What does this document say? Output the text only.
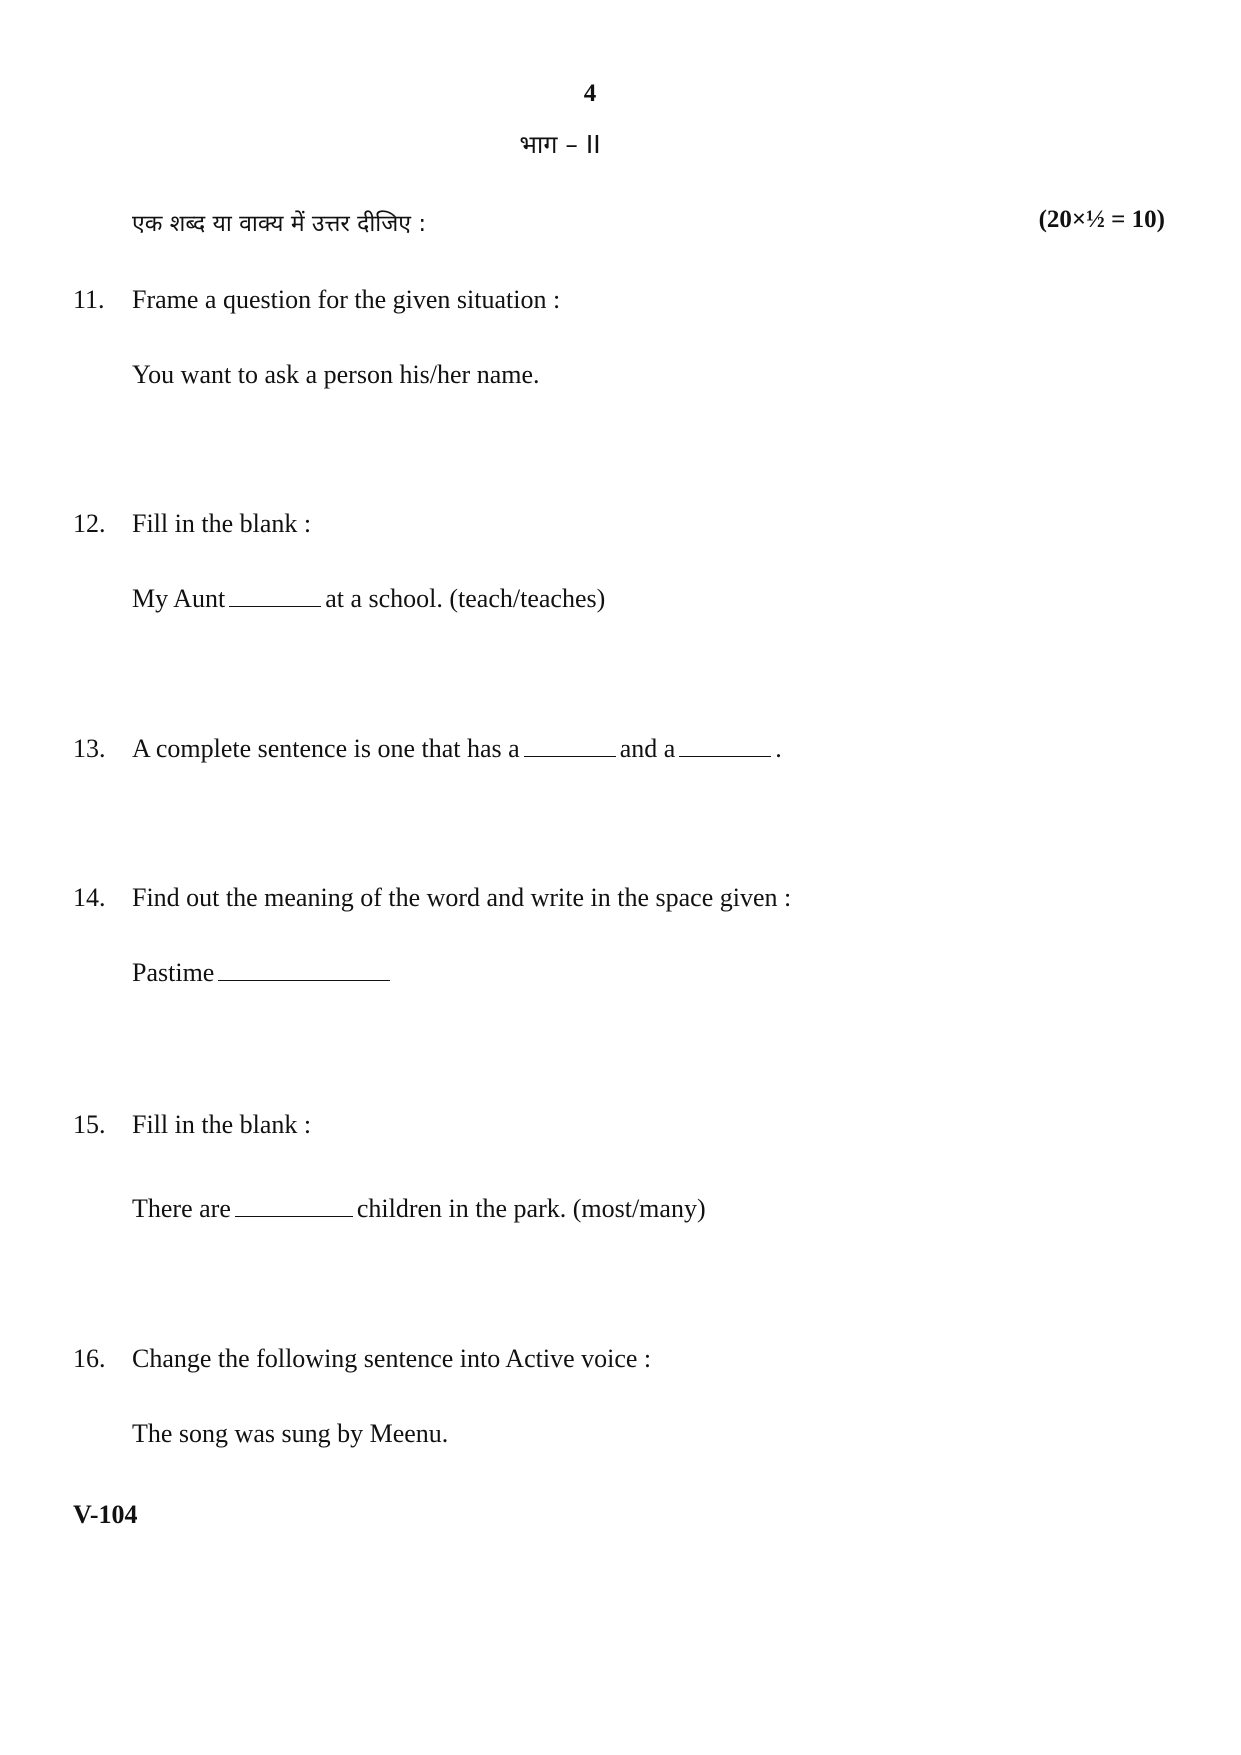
4
भाग – II
एक शब्द या वाक्य में उत्तर दीजिए :	(20×½ = 10)
11. Frame a question for the given situation :
You want to ask a person his/her name.
12. Fill in the blank :
My Aunt	at a school. (teach/teaches)
13. A complete sentence is one that has a	and a	.
14. Find out the meaning of the word and write in the space given :
Pastime
15. Fill in the blank :
There are	children in the park. (most/many)
16. Change the following sentence into Active voice :
The song was sung by Meenu.
V-104
